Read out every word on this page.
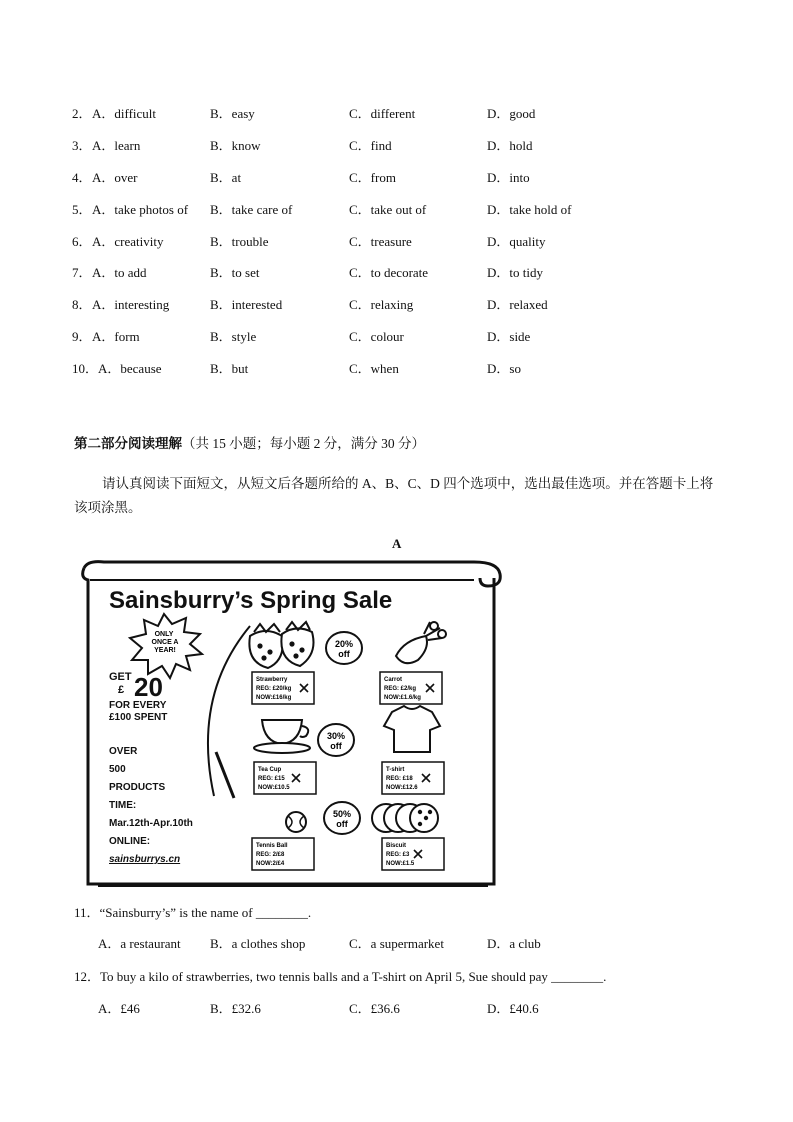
2． A．difficult	B．easy	C．different	D．good
3． A．learn	B．know	C．find	D．hold
4． A．over	B．at	C．from	D．into
5． A．take photos of B．take care of	C．take out of	D．take hold of
6． A．creativity	B．trouble	C．treasure	D．quality
7． A．to add	B．to set	C．to decorate	D．to tidy
8． A．interesting	B．interested	C．relaxing	D．relaxed
9． A．form	B．style	C．colour	D．side
10． A．because	B．but	C．when	D．so
第二部分阅读理解（共 15 小题；每小题 2 分，满分 30 分）
请认真阅读下面短文，从短文后各题所给的 A、B、C、D 四个选项中，选出最佳选项。并在答题卡上将该项涂黑。
A
Sainsburry’s Spring Sale
ONLY
ONCE A
YEAR!
GET
£ 20
FOR EVERY
£100 SPENT
OVER
500
PRODUCTS
TIME:
Mar.12th-Apr.10th
ONLINE:
sainsburrys.cn
20%
off
Strawberry
REG: £20/kg
NOW:£16/kg
Carrot
REG: £2/kg
NOW:£1.6/kg
30%
off
Tea Cup
REG: £15
NOW:£10.5
T-shirt
REG: £18
NOW:£12.6
50%
off
Tennis Ball
REG: 2/£8
NOW:2/£4
Biscuit
REG: £3
NOW:£1.5
11．“Sainsburry’s” is the name of ________.
A．a restaurant B．a clothes shop	C．a supermarket	D．a club
12．To buy a kilo of strawberries, two tennis balls and a T-shirt on April 5, Sue should pay ________.
A．£46	B．£32.6	C．£36.6	D．£40.6
